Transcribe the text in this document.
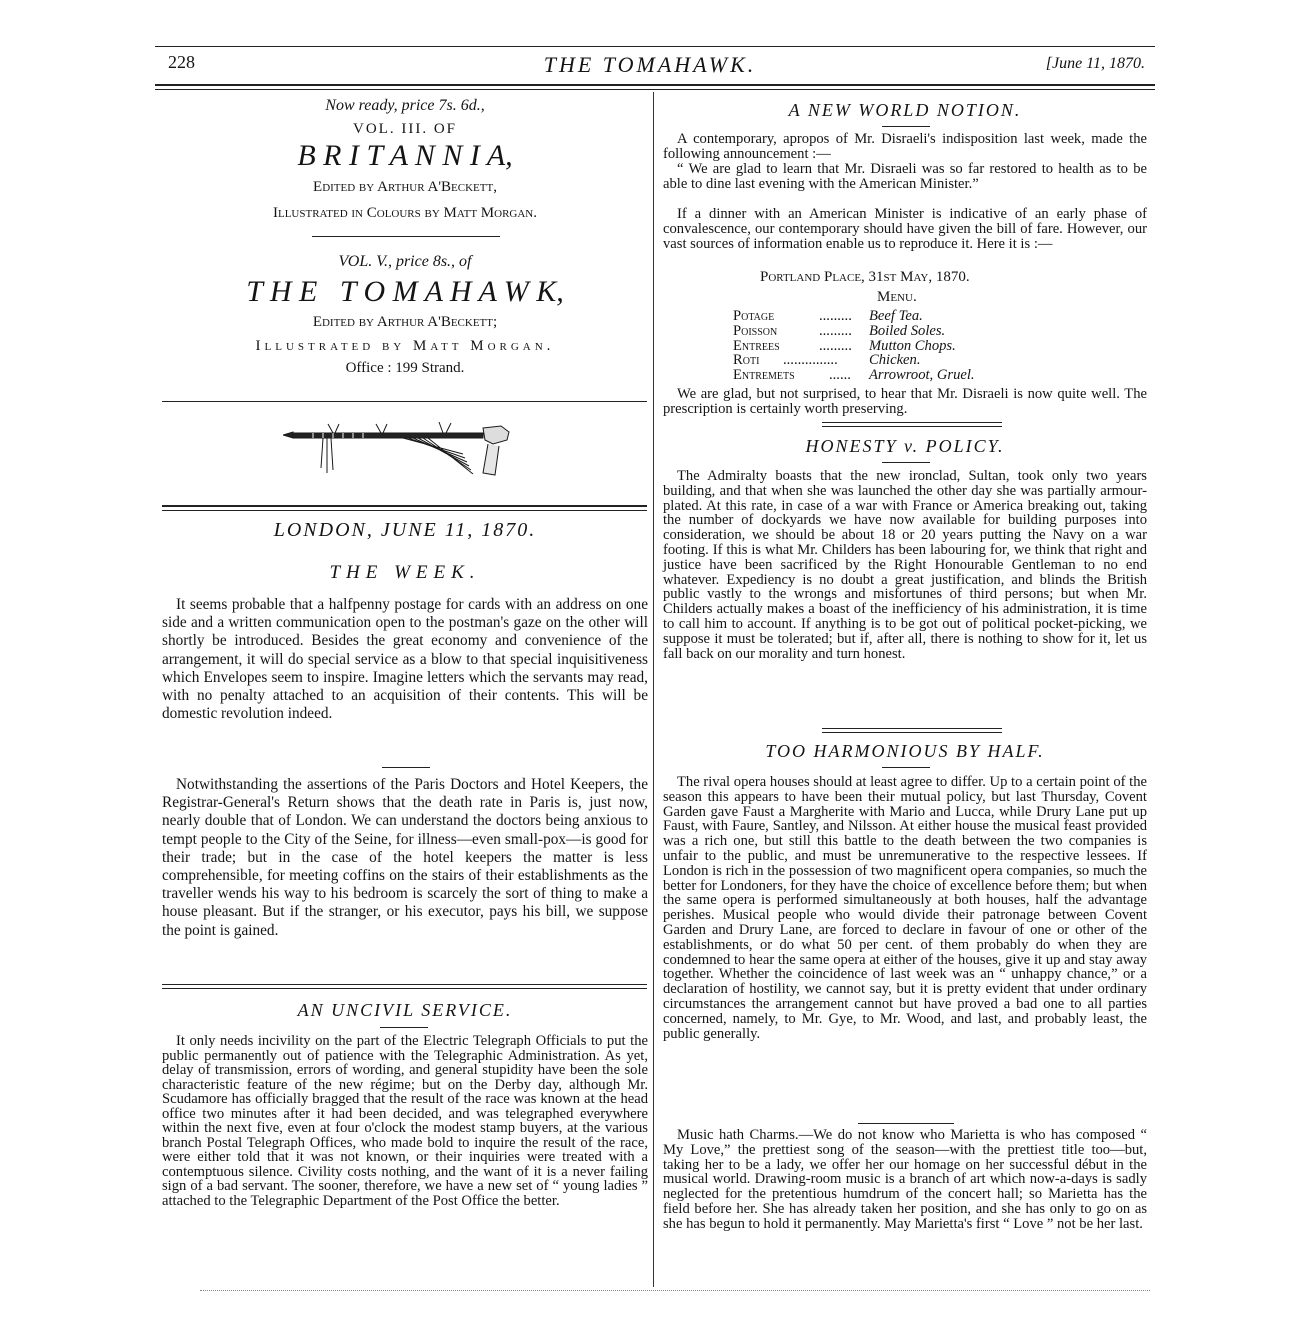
228	THE TOMAHAWK.	[June 11, 1870.
Now ready, price 7s. 6d.,
VOL. III. OF
B R I T A N N I A,
Edited by Arthur A'Beckett,
Illustrated in Colours by Matt Morgan.
VOL. V., price 8s., of
T H E   T O M A H A W K,
Edited by Arthur A'Beckett;
Illustrated by Matt Morgan.
Office : 199 Strand.
LONDON, JUNE 11, 1870.
THE WEEK.

It seems probable that a halfpenny postage for cards with an address on one side and a written communication open to the postman's gaze on the other will shortly be introduced. Besides the great economy and convenience of the arrangement, it will do special service as a blow to that special inquisitiveness which Envelopes seem to inspire. Imagine letters which the servants may read, with no penalty attached to an acquisition of their contents. This will be domestic revolution indeed.

Notwithstanding the assertions of the Paris Doctors and Hotel Keepers, the Registrar-General's Return shows that the death rate in Paris is, just now, nearly double that of London. We can understand the doctors being anxious to tempt people to the City of the Seine, for illness—even small-pox—is good for their trade; but in the case of the hotel keepers the matter is less comprehensible, for meeting coffins on the stairs of their establishments as the traveller wends his way to his bedroom is scarcely the sort of thing to make a house pleasant. But if the stranger, or his executor, pays his bill, we suppose the point is gained.

AN UNCIVIL SERVICE.

It only needs incivility on the part of the Electric Telegraph Officials to put the public permanently out of patience with the Telegraphic Administration. As yet, delay of transmission, errors of wording, and general stupidity have been the sole characteristic feature of the new régime; but on the Derby day, although Mr. Scudamore has officially bragged that the result of the race was known at the head office two minutes after it had been decided, and was telegraphed everywhere within the next five, even at four o'clock the modest stamp buyers, at the various branch Postal Telegraph Offices, who made bold to inquire the result of the race, were either told that it was not known, or their inquiries were treated with a contemptuous silence. Civility costs nothing, and the want of it is a never failing sign of a bad servant. The sooner, therefore, we have a new set of “ young ladies ” attached to the Telegraphic Department of the Post Office the better.

A NEW WORLD NOTION.

A contemporary, apropos of Mr. Disraeli's indisposition last week, made the following announcement :—

“ We are glad to learn that Mr. Disraeli was so far restored to health as to be able to dine last evening with the American Minister.”

If a dinner with an American Minister is indicative of an early phase of convalescence, our contemporary should have given the bill of fare. However, our vast sources of information enable us to reproduce it. Here it is :—

Portland Place, 31st May, 1870.
Menu.
Potage	.........	Beef Tea.
Poisson	.........	Boiled Soles.
Entrees	.........	Mutton Chops.
Roti	...............	Chicken.
Entremets	......	Arrowroot, Gruel.

We are glad, but not surprised, to hear that Mr. Disraeli is now quite well. The prescription is certainly worth preserving.

HONESTY v. POLICY.

The Admiralty boasts that the new ironclad, Sultan, took only two years building, and that when she was launched the other day she was partially armour-plated. At this rate, in case of a war with France or America breaking out, taking the number of dockyards we have now available for building purposes into consideration, we should be about 18 or 20 years putting the Navy on a war footing. If this is what Mr. Childers has been labouring for, we think that right and justice have been sacrificed by the Right Honourable Gentleman to no end whatever. Expediency is no doubt a great justification, and blinds the British public vastly to the wrongs and misfortunes of third persons; but when Mr. Childers actually makes a boast of the inefficiency of his administration, it is time to call him to account. If anything is to be got out of political pocket-picking, we suppose it must be tolerated; but if, after all, there is nothing to show for it, let us fall back on our morality and turn honest.

TOO HARMONIOUS BY HALF.

The rival opera houses should at least agree to differ. Up to a certain point of the season this appears to have been their mutual policy, but last Thursday, Covent Garden gave Faust a Margherite with Mario and Lucca, while Drury Lane put up Faust, with Faure, Santley, and Nilsson. At either house the musical feast provided was a rich one, but still this battle to the death between the two companies is unfair to the public, and must be unremunerative to the respective lessees. If London is rich in the possession of two magnificent opera companies, so much the better for Londoners, for they have the choice of excellence before them; but when the same opera is performed simultaneously at both houses, half the advantage perishes. Musical people who would divide their patronage between Covent Garden and Drury Lane, are forced to declare in favour of one or other of the establishments, or do what 50 per cent. of them probably do when they are condemned to hear the same opera at either of the houses, give it up and stay away together. Whether the coincidence of last week was an “ unhappy chance,” or a declaration of hostility, we cannot say, but it is pretty evident that under ordinary circumstances the arrangement cannot but have proved a bad one to all parties concerned, namely, to Mr. Gye, to Mr. Wood, and last, and probably least, the public generally.

Music hath Charms.—We do not know who Marietta is who has composed “ My Love,” the prettiest song of the season—with the prettiest title too—but, taking her to be a lady, we offer her our homage on her successful début in the musical world. Drawing-room music is a branch of art which now-a-days is sadly neglected for the pretentious humdrum of the concert hall; so Marietta has the field before her. She has already taken her position, and she has only to go on as she has begun to hold it permanently. May Marietta's first “ Love ” not be her last.
